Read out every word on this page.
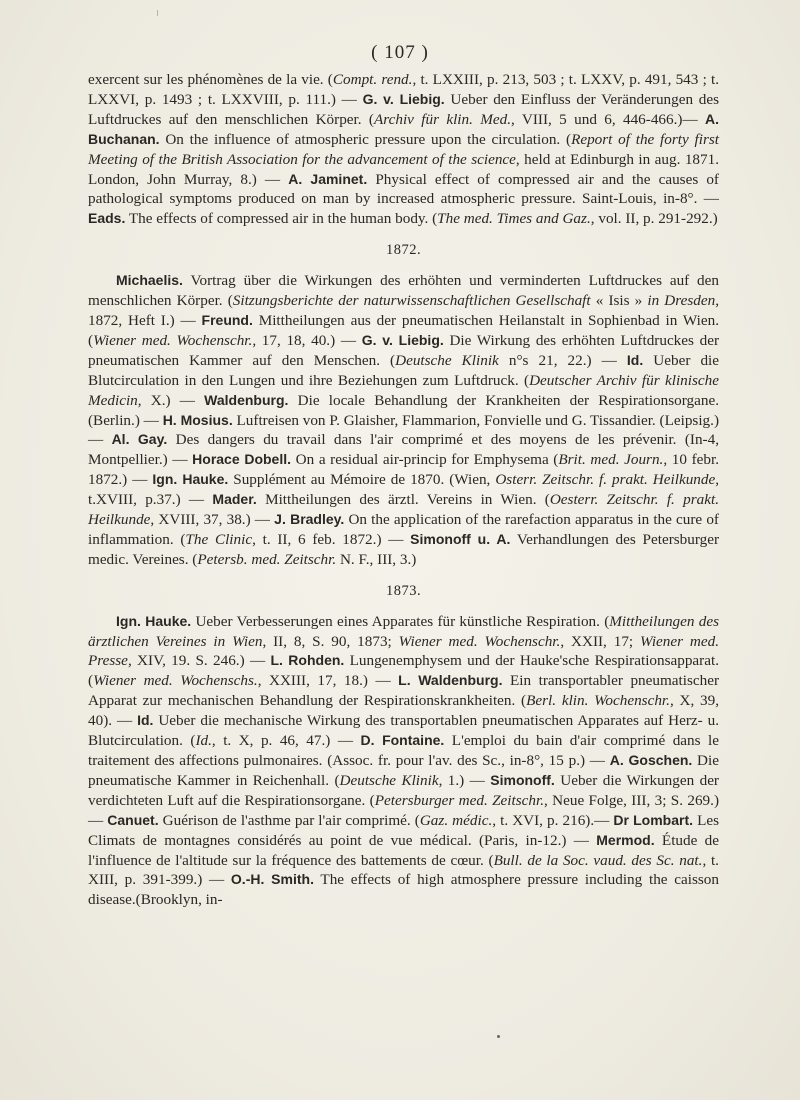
( 107 )

exercent sur les phénomènes de la vie. (Compt. rend., t. LXXIII, p. 213, 503 ; t. LXXV, p. 491, 543 ; t. LXXVI, p. 1493 ; t. LXXVIII, p. 111.) — G. v. Liebig. Ueber den Einfluss der Veränderungen des Luftdruckes auf den menschlichen Körper. (Archiv für klin. Med., VIII, 5 und 6, 446-466.)— A. Buchanan. On the influence of atmospheric pressure upon the circulation. (Report of the forty first Meeting of the British Association for the advancement of the science, held at Edinburgh in aug. 1871. London, John Murray, 8.) — A. Jaminet. Physical effect of compressed air and the causes of pathological symptoms produced on man by increased atmospheric pressure. Saint-Louis, in-8°. — Eads. The effects of compressed air in the human body. (The med. Times and Gaz., vol. II, p. 291-292.)

1872.

Michaelis. Vortrag über die Wirkungen des erhöhten und verminderten Luftdruckes auf den menschlichen Körper. (Sitzungsberichte der naturwissenschaftlichen Gesellschaft « Isis » in Dresden, 1872, Heft I.) — Freund. Mittheilungen aus der pneumatischen Heilanstalt in Sophienbad in Wien. (Wiener med. Wochenschr., 17, 18, 40.) — G. v. Liebig. Die Wirkung des erhöhten Luftdruckes der pneumatischen Kammer auf den Menschen. (Deutsche Klinik n°s 21, 22.) — Id. Ueber die Blutcirculation in den Lungen und ihre Beziehungen zum Luftdruck. (Deutscher Archiv für klinische Medicin, X.) — Waldenburg. Die locale Behandlung der Krankheiten der Respirationsorgane. (Berlin.) — H. Mosius. Luftreisen von P. Glaisher, Flammarion, Fonvielle und G. Tissandier. (Leipsig.) — Al. Gay. Des dangers du travail dans l'air comprimé et des moyens de les prévenir. (In-4, Montpellier.) — Horace Dobell. On a residual air-princip for Emphysema (Brit. med. Journ., 10 febr. 1872.) — Ign. Hauke. Supplément au Mémoire de 1870. (Wien, Osterr. Zeitschr. f. prakt. Heilkunde, t.XVIII, p.37.) — Mader. Mittheilungen des ärztl. Vereins in Wien. (Oesterr. Zeitschr. f. prakt. Heilkunde, XVIII, 37, 38.) — J. Bradley. On the application of the rarefaction apparatus in the cure of inflammation. (The Clinic, t. II, 6 feb. 1872.) — Simonoff u. A. Verhandlungen des Petersburger medic. Vereines. (Petersb. med. Zeitschr. N. F., III, 3.)

1873.

Ign. Hauke. Ueber Verbesserungen eines Apparates für künstliche Respiration. (Mittheilungen des ärztlichen Vereines in Wien, II, 8, S. 90, 1873; Wiener med. Wochenschr., XXII, 17; Wiener med. Presse, XIV, 19. S. 246.) — L. Rohden. Lungenemphysem und der Hauke'sche Respirationsapparat. (Wiener med. Wochenschs., XXIII, 17, 18.) — L. Waldenburg. Ein transportabler pneumatischer Apparat zur mechanischen Behandlung der Respirationskrankheiten. (Berl. klin. Wochenschr., X, 39, 40). — Id. Ueber die mechanische Wirkung des transportablen pneumatischen Apparates auf Herz- u. Blutcirculation. (Id., t. X, p. 46, 47.) — D. Fontaine. L'emploi du bain d'air comprimé dans le traitement des affections pulmonaires. (Assoc. fr. pour l'av. des Sc., in-8°, 15 p.) — A. Goschen. Die pneumatische Kammer in Reichenhall. (Deutsche Klinik, 1.) — Simonoff. Ueber die Wirkungen der verdichteten Luft auf die Respirationsorgane. (Petersburger med. Zeitschr., Neue Folge, III, 3; S. 269.) — Canuet. Guérison de l'asthme par l'air comprimé. (Gaz. médic., t. XVI, p. 216).— Dr Lombart. Les Climats de montagnes considérés au point de vue médical. (Paris, in-12.) — Mermod. Étude de l'influence de l'altitude sur la fréquence des battements de cœur. (Bull. de la Soc. vaud. des Sc. nat., t. XIII, p. 391-399.) — O.-H. Smith. The effects of high atmosphere pressure including the caisson disease.(Brooklyn, in-
